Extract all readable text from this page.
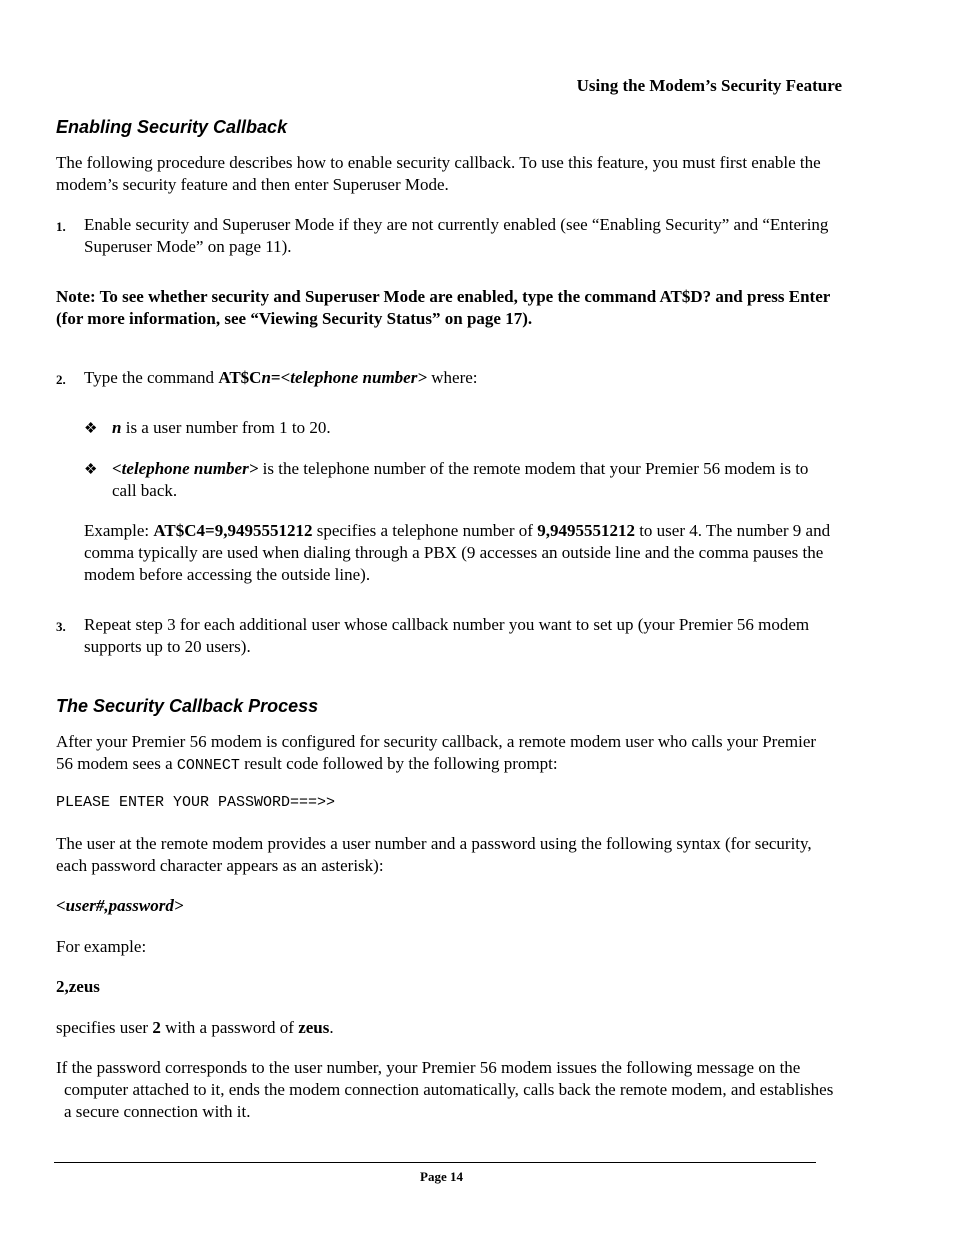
Using the Modem’s Security Feature
Enabling Security Callback

The following procedure describes how to enable security callback. To use this feature, you must first enable the modem’s security feature and then enter Superuser Mode.

1. Enable security and Superuser Mode if they are not currently enabled (see “Enabling Security” and “Entering Superuser Mode” on page 11).

Note: To see whether security and Superuser Mode are enabled, type the command AT$D? and press Enter (for more information, see “Viewing Security Status” on page 17).

2. Type the command AT$Cn=<telephone number> where:

❖ n is a user number from 1 to 20.

❖ <telephone number> is the telephone number of the remote modem that your Premier 56 modem is to call back.

Example: AT$C4=9,9495551212 specifies a telephone number of 9,9495551212 to user 4. The number 9 and comma typically are used when dialing through a PBX (9 accesses an outside line and the comma pauses the modem before accessing the outside line).

3. Repeat step 3 for each additional user whose callback number you want to set up (your Premier 56 modem supports up to 20 users).

The Security Callback Process

After your Premier 56 modem is configured for security callback, a remote modem user who calls your Premier 56 modem sees a CONNECT result code followed by the following prompt:

PLEASE ENTER YOUR PASSWORD===>>

The user at the remote modem provides a user number and a password using the following syntax (for security, each password character appears as an asterisk):

<user#,password>
For example:
2,zeus

specifies user 2 with a password of zeus.

If the password corresponds to the user number, your Premier 56 modem issues the following message on the computer attached to it, ends the modem connection automatically, calls back the remote modem, and establishes a secure connection with it.

Page 14
